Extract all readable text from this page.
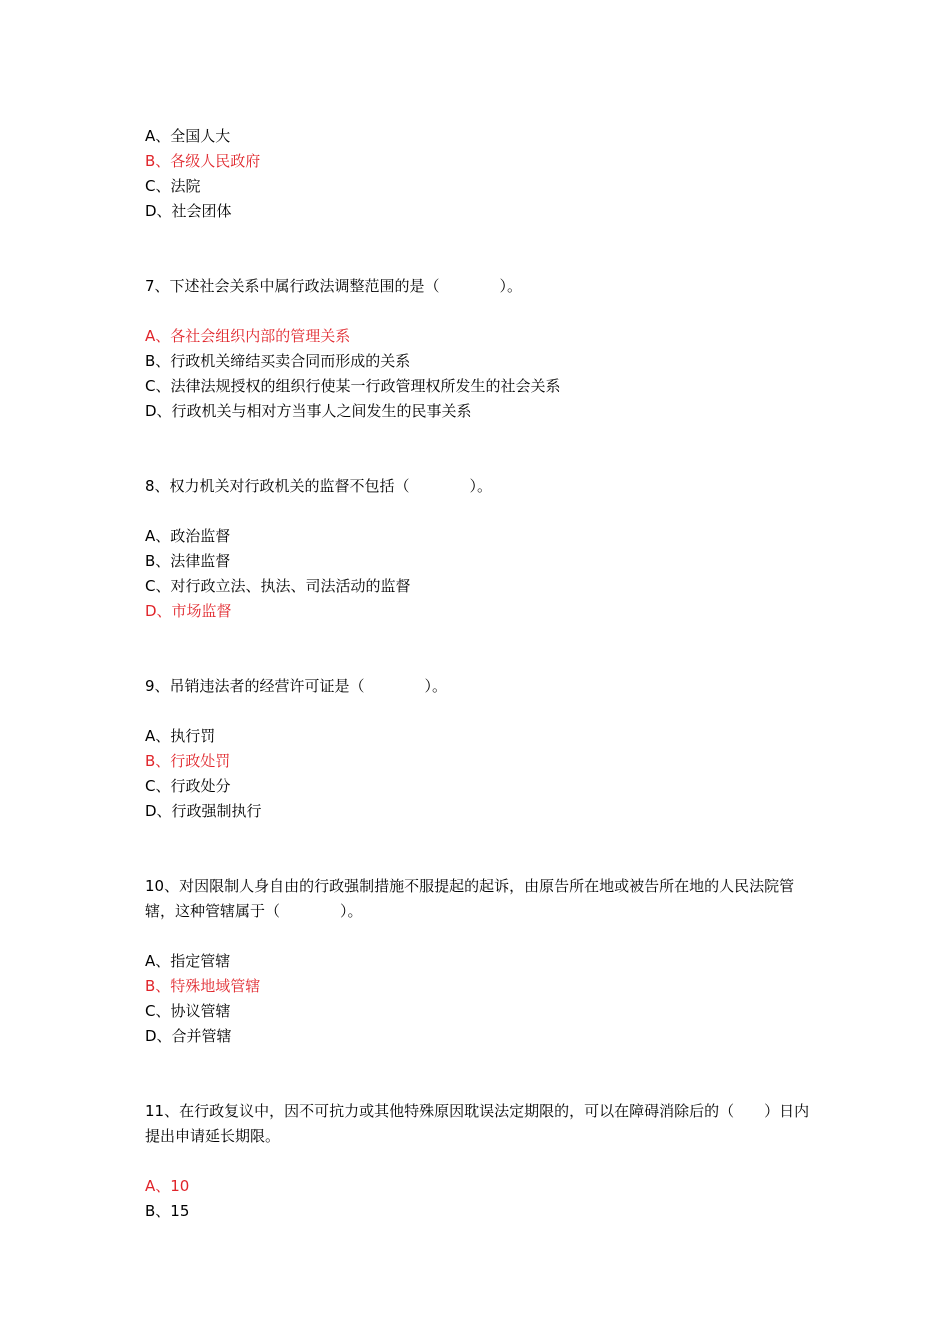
A、全国人大
B、各级人民政府
C、法院
D、社会团体
7、下述社会关系中属行政法调整范围的是（　　　　）。
A、各社会组织内部的管理关系
B、行政机关缔结买卖合同而形成的关系
C、法律法规授权的组织行使某一行政管理权所发生的社会关系
D、行政机关与相对方当事人之间发生的民事关系
8、权力机关对行政机关的监督不包括（　　　　）。
A、政治监督
B、法律监督
C、对行政立法、执法、司法活动的监督
D、市场监督
9、吊销违法者的经营许可证是（　　　　）。
A、执行罚
B、行政处罚
C、行政处分
D、行政强制执行
10、对因限制人身自由的行政强制措施不服提起的起诉，由原告所在地或被告所在地的人民法院管辖，这种管辖属于（　　　　）。
A、指定管辖
B、特殊地域管辖
C、协议管辖
D、合并管辖
11、在行政复议中，因不可抗力或其他特殊原因耽误法定期限的，可以在障碍消除后的（　　）日内提出申请延长期限。
A、10
B、15
